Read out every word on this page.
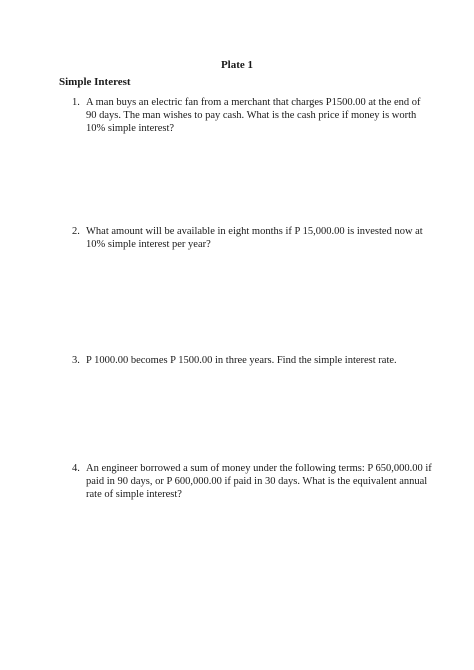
Plate 1
Simple Interest
1. A man buys an electric fan from a merchant that charges P1500.00 at the end of 90 days. The man wishes to pay cash. What is the cash price if money is worth 10% simple interest?
2. What amount will be available in eight months if P 15,000.00 is invested now at 10% simple interest per year?
3. P 1000.00 becomes P 1500.00 in three years. Find the simple interest rate.
4. An engineer borrowed a sum of money under the following terms: P 650,000.00 if paid in 90 days, or P 600,000.00 if paid in 30 days. What is the equivalent annual rate of simple interest?
